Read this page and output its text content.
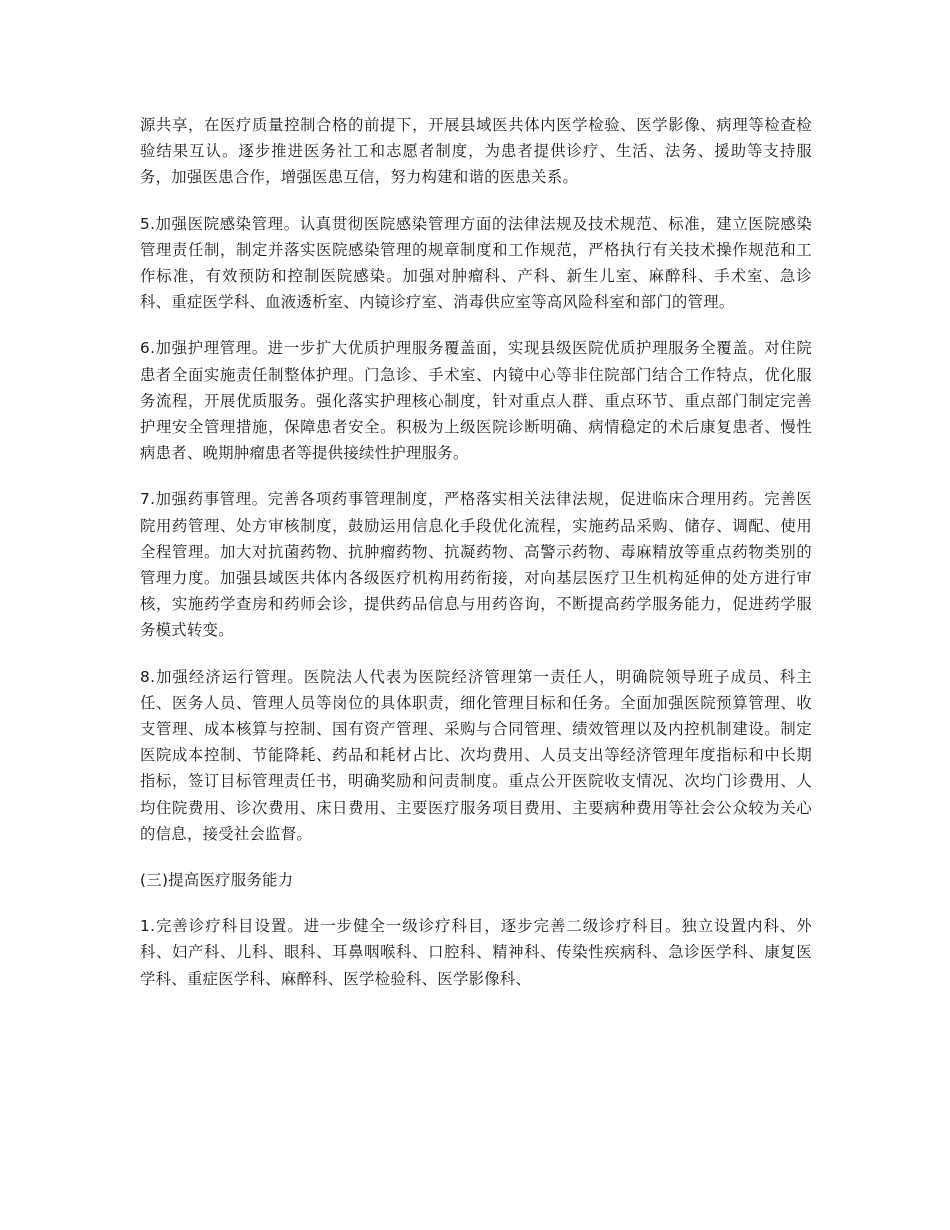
源共享，在医疗质量控制合格的前提下，开展县域医共体内医学检验、医学影像、病理等检查检验结果互认。逐步推进医务社工和志愿者制度，为患者提供诊疗、生活、法务、援助等支持服务，加强医患合作，增强医患互信，努力构建和谐的医患关系。

5.加强医院感染管理。认真贯彻医院感染管理方面的法律法规及技术规范、标准，建立医院感染管理责任制，制定并落实医院感染管理的规章制度和工作规范，严格执行有关技术操作规范和工作标准，有效预防和控制医院感染。加强对肿瘤科、产科、新生儿室、麻醉科、手术室、急诊科、重症医学科、血液透析室、内镜诊疗室、消毒供应室等高风险科室和部门的管理。

6.加强护理管理。进一步扩大优质护理服务覆盖面，实现县级医院优质护理服务全覆盖。对住院患者全面实施责任制整体护理。门急诊、手术室、内镜中心等非住院部门结合工作特点，优化服务流程，开展优质服务。强化落实护理核心制度，针对重点人群、重点环节、重点部门制定完善护理安全管理措施，保障患者安全。积极为上级医院诊断明确、病情稳定的术后康复患者、慢性病患者、晚期肿瘤患者等提供接续性护理服务。

7.加强药事管理。完善各项药事管理制度，严格落实相关法律法规，促进临床合理用药。完善医院用药管理、处方审核制度，鼓励运用信息化手段优化流程，实施药品采购、储存、调配、使用全程管理。加大对抗菌药物、抗肿瘤药物、抗凝药物、高警示药物、毒麻精放等重点药物类别的管理力度。加强县域医共体内各级医疗机构用药衔接，对向基层医疗卫生机构延伸的处方进行审核，实施药学查房和药师会诊，提供药品信息与用药咨询，不断提高药学服务能力，促进药学服务模式转变。

8.加强经济运行管理。医院法人代表为医院经济管理第一责任人，明确院领导班子成员、科主任、医务人员、管理人员等岗位的具体职责，细化管理目标和任务。全面加强医院预算管理、收支管理、成本核算与控制、国有资产管理、采购与合同管理、绩效管理以及内控机制建设。制定医院成本控制、节能降耗、药品和耗材占比、次均费用、人员支出等经济管理年度指标和中长期指标，签订目标管理责任书，明确奖励和问责制度。重点公开医院收支情况、次均门诊费用、人均住院费用、诊次费用、床日费用、主要医疗服务项目费用、主要病种费用等社会公众较为关心的信息，接受社会监督。

(三)提高医疗服务能力

1.完善诊疗科目设置。进一步健全一级诊疗科目，逐步完善二级诊疗科目。独立设置内科、外科、妇产科、儿科、眼科、耳鼻咽喉科、口腔科、精神科、传染性疾病科、急诊医学科、康复医学科、重症医学科、麻醉科、医学检验科、医学影像科、
